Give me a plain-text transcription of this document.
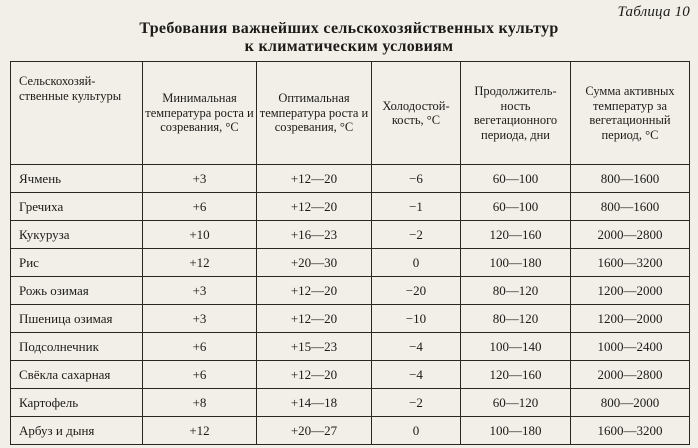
Таблица 10
Требования важнейших сельскохозяйственных культур
к климатическим условиям
Сельскохозяй-ственные культуры	Минимальная температура роста и созревания, °С	Оптимальная температура роста и созревания, °С	Холодостой-кость, °С	Продолжитель-ность вегетационного периода, дни	Сумма активных температур за вегетационный период, °С
Ячмень	+3	+12—20	−6	60—100	800—1600
Гречиха	+6	+12—20	−1	60—100	800—1600
Кукуруза	+10	+16—23	−2	120—160	2000—2800
Рис	+12	+20—30	0	100—180	1600—3200
Рожь озимая	+3	+12—20	−20	80—120	1200—2000
Пшеница озимая	+3	+12—20	−10	80—120	1200—2000
Подсолнечник	+6	+15—23	−4	100—140	1000—2400
Свёкла сахарная	+6	+12—20	−4	120—160	2000—2800
Картофель	+8	+14—18	−2	60—120	800—2000
Арбуз и дыня	+12	+20—27	0	100—180	1600—3200
